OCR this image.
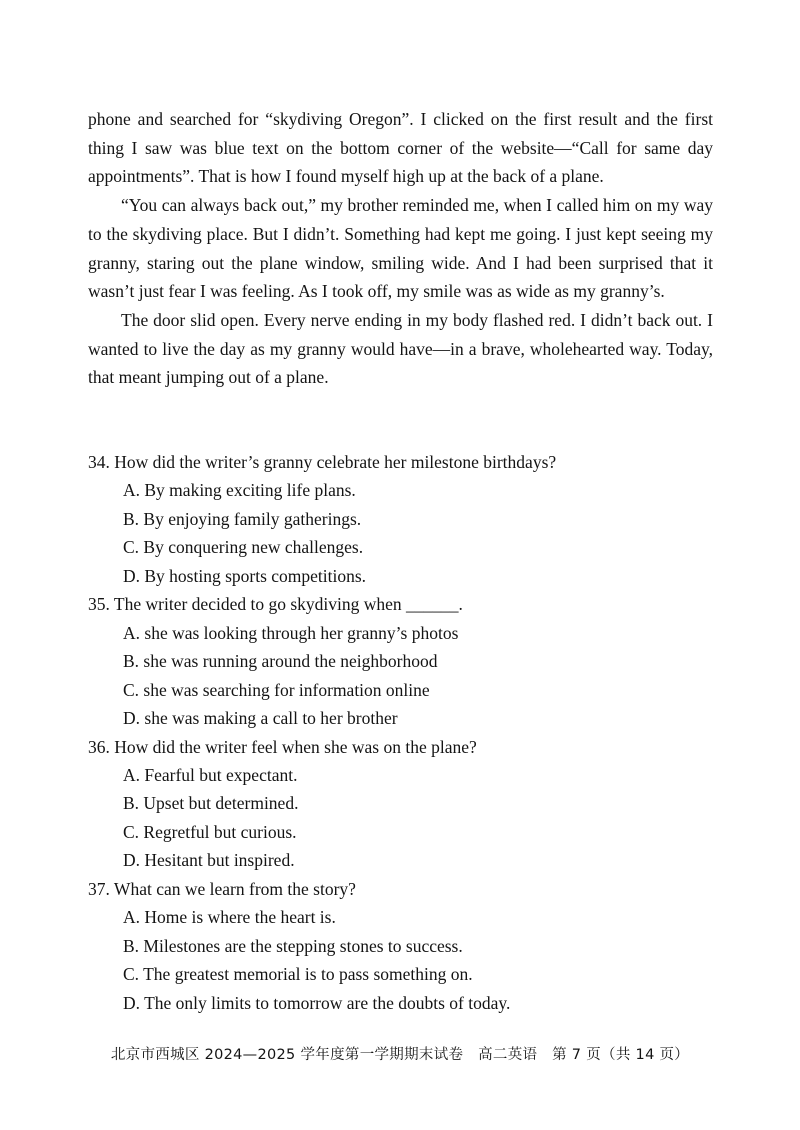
phone and searched for “skydiving Oregon”. I clicked on the first result and the first thing I saw was blue text on the bottom corner of the website—“Call for same day appointments”. That is how I found myself high up at the back of a plane.

“You can always back out,” my brother reminded me, when I called him on my way to the skydiving place. But I didn’t. Something had kept me going. I just kept seeing my granny, staring out the plane window, smiling wide. And I had been surprised that it wasn’t just fear I was feeling. As I took off, my smile was as wide as my granny’s.

The door slid open. Every nerve ending in my body flashed red. I didn’t back out. I wanted to live the day as my granny would have—in a brave, wholehearted way. Today, that meant jumping out of a plane.

34. How did the writer’s granny celebrate her milestone birthdays?
A. By making exciting life plans.
B. By enjoying family gatherings.
C. By conquering new challenges.
D. By hosting sports competitions.
35. The writer decided to go skydiving when ______.
A. she was looking through her granny’s photos
B. she was running around the neighborhood
C. she was searching for information online
D. she was making a call to her brother
36. How did the writer feel when she was on the plane?
A. Fearful but expectant.
B. Upset but determined.
C. Regretful but curious.
D. Hesitant but inspired.
37. What can we learn from the story?
A. Home is where the heart is.
B. Milestones are the stepping stones to success.
C. The greatest memorial is to pass something on.
D. The only limits to tomorrow are the doubts of today.
北京市西城区 2024—2025 学年度第一学期期末试卷　高二英语　第 7 页（共 14 页）
